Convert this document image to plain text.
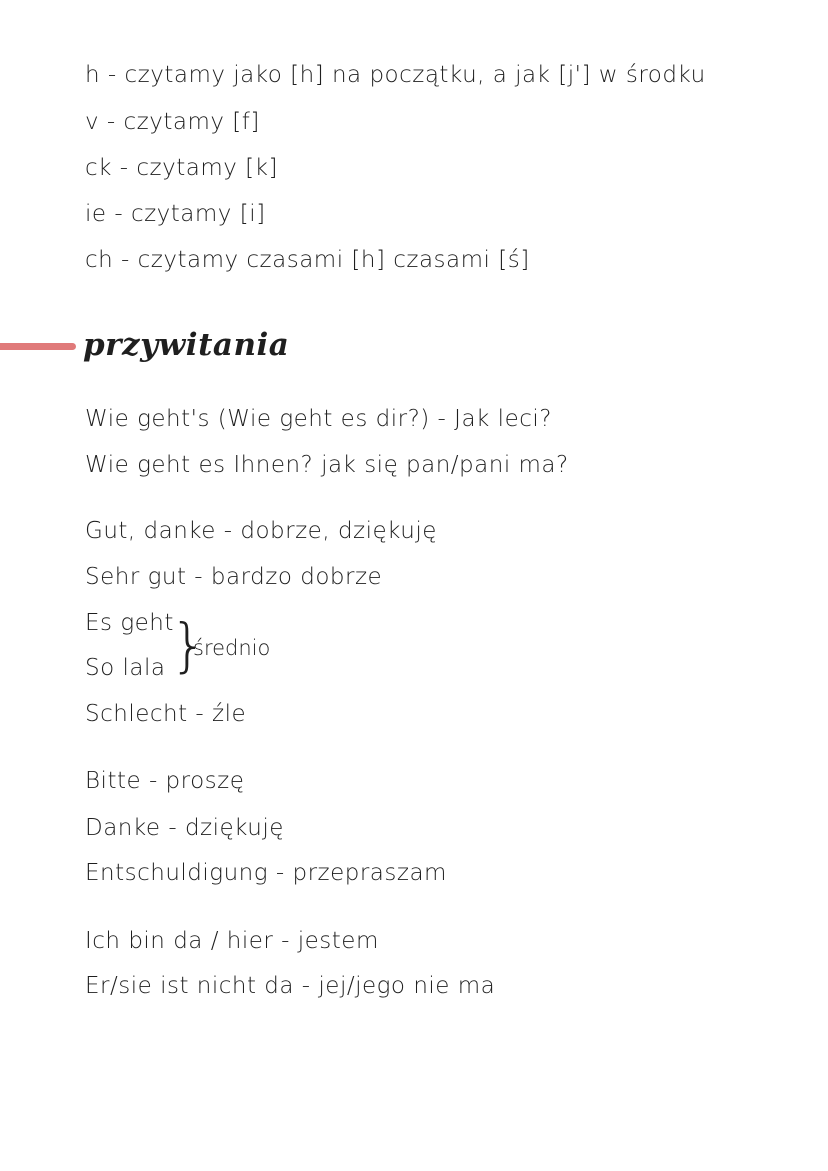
h - czytamy jako [h] na początku, a jak [j'] w środku
v - czytamy [f]
ck - czytamy [k]
ie - czytamy [i]
ch - czytamy czasami [h] czasami [ś]
przywitania
Wie geht's (Wie geht es dir?) - Jak leci?
Wie geht es Ihnen? jak się pan/pani ma?
Gut, danke - dobrze, dziękuję
Sehr gut - bardzo dobrze
Es geht
So lala
Schlecht - źle
}
średnio
Bitte - proszę
Danke - dziękuję
Entschuldigung - przepraszam
Ich bin da / hier - jestem
Er/sie ist nicht da - jej/jego nie ma
